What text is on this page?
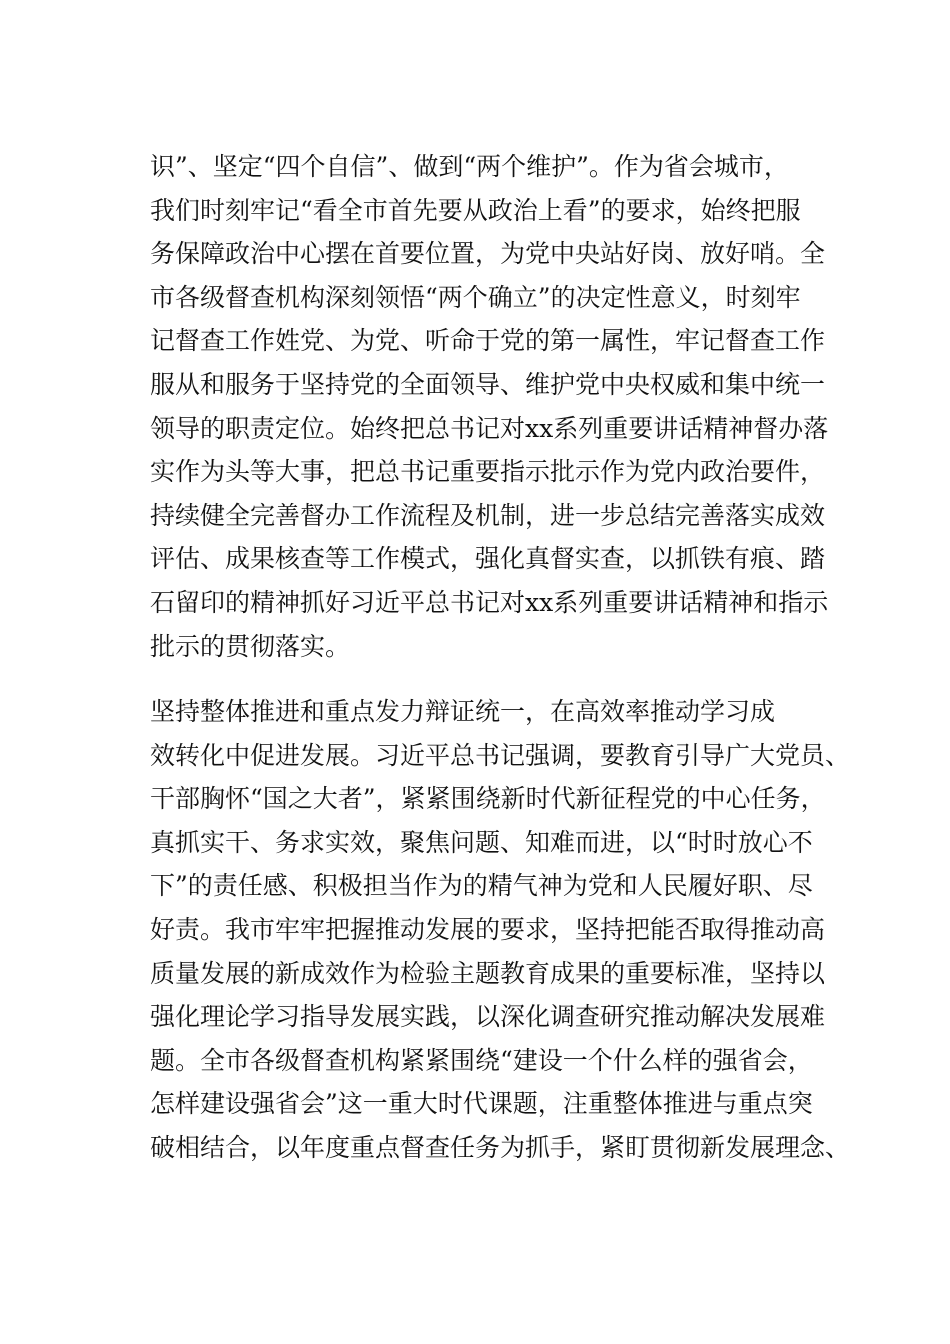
识”、坚定“四个自信”、做到“两个维护”。作为省会城市，
我们时刻牢记“看全市首先要从政治上看”的要求，始终把服
务保障政治中心摆在首要位置，为党中央站好岗、放好哨。全
市各级督查机构深刻领悟“两个确立”的决定性意义，时刻牢
记督查工作姓党、为党、听命于党的第一属性，牢记督查工作
服从和服务于坚持党的全面领导、维护党中央权威和集中统一
领导的职责定位。始终把总书记对xx系列重要讲话精神督办落
实作为头等大事，把总书记重要指示批示作为党内政治要件，
持续健全完善督办工作流程及机制，进一步总结完善落实成效
评估、成果核查等工作模式，强化真督实查，以抓铁有痕、踏
石留印的精神抓好习近平总书记对xx系列重要讲话精神和指示
批示的贯彻落实。
坚持整体推进和重点发力辩证统一，在高效率推动学习成
效转化中促进发展。习近平总书记强调，要教育引导广大党员、
干部胸怀“国之大者”，紧紧围绕新时代新征程党的中心任务，
真抓实干、务求实效，聚焦问题、知难而进，以“时时放心不
下”的责任感、积极担当作为的精气神为党和人民履好职、尽
好责。我市牢牢把握推动发展的要求，坚持把能否取得推动高
质量发展的新成效作为检验主题教育成果的重要标准，坚持以
强化理论学习指导发展实践，以深化调查研究推动解决发展难
题。全市各级督查机构紧紧围绕“建设一个什么样的强省会，
怎样建设强省会”这一重大时代课题，注重整体推进与重点突
破相结合，以年度重点督查任务为抓手，紧盯贯彻新发展理念、
